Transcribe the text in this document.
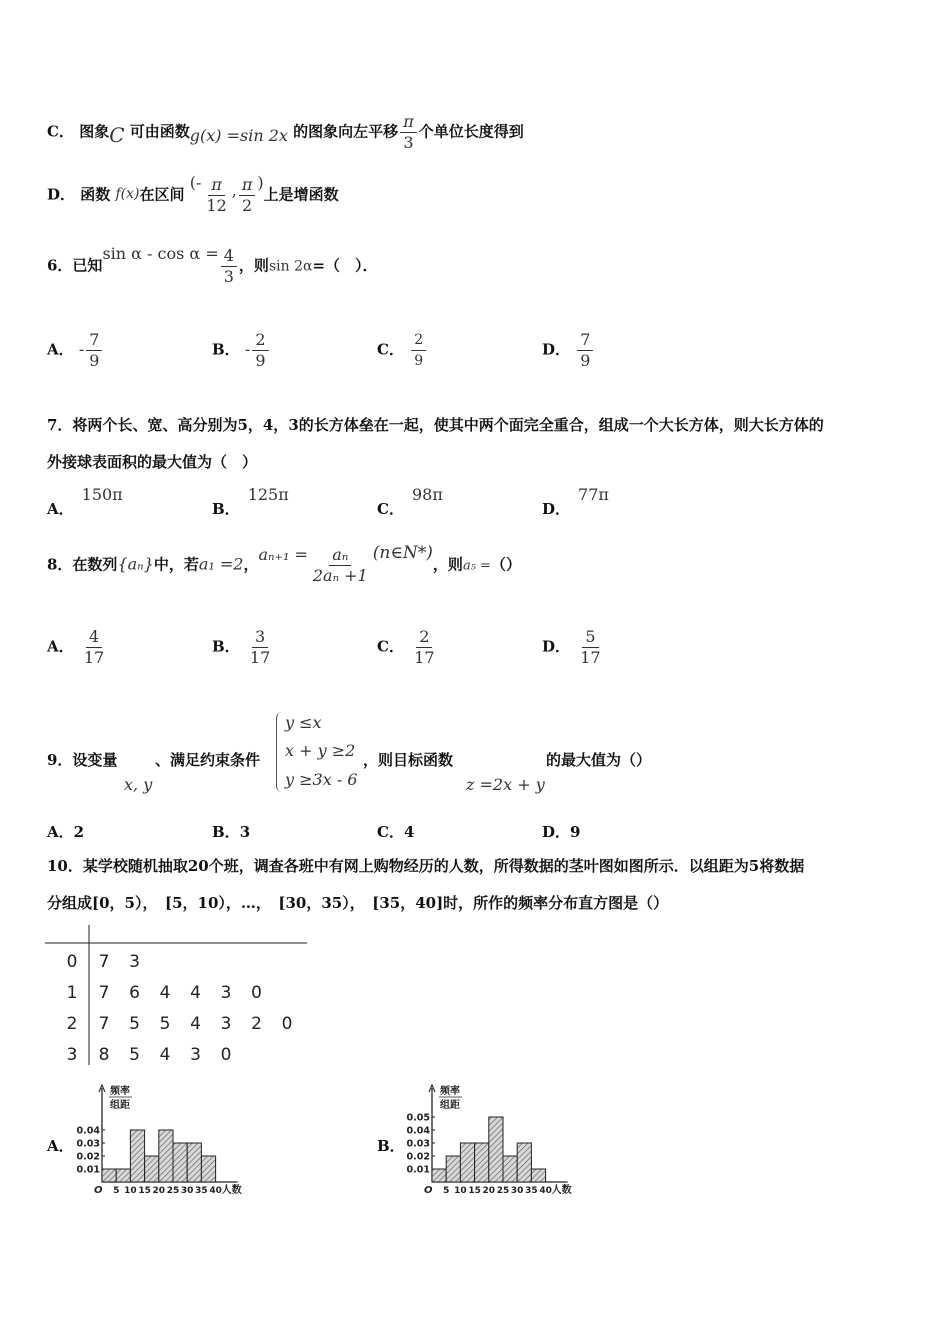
C． 图象C 可由函数g(x) =sin 2x 的图象向左平移 $\frac{\pi}{3}$ 个单位长度得到
D． 函数 f(x)在区间 (- $\frac{\pi}{12}$ , $\frac{\pi}{2}$ )上是增函数
6．已知$\sin \alpha - \cos \alpha = \frac{4}{3}$ ，则sin 2α=（　）．
A． - $\frac{7}{9}$	B． - $\frac{2}{9}$	C． $\frac{2}{9}$	D． $\frac{7}{9}$
7．将两个长、宽、高分别为5，4，3的长方体垒在一起，使其中两个面完全重合，组成一个大长方体，则大长方体的
外接球表面积的最大值为（　）
A．150π
B．125π
C．98π
D．77π
8．在数列{aₙ}中，若a₁ =2，$a_{n+1} = \frac{\text{aₙ}}{\text{2aₙ +1}}$ (n∈N*)，则a₅ =（）
A． $\frac{4}{17}$	B． $\frac{3}{17}$	C． $\frac{2}{17}$	D． $\frac{5}{17}$
9．设变量
x, y
、满足约束条件
y ≤x
x + y ≥2
y ≥3x - 6
，则目标函数
z =2x + y
的最大值为（）
A．2	B．3	C．4	D．9
10．某学校随机抽取20个班，调查各班中有网上购物经历的人数，所得数据的茎叶图如图所示．以组距为5将数据
分组成[0，5），　[5，10），…，　[30，35），　[35，40]时，所作的频率分布直方图是（）
0 7 3
1 7 6 4 4 3 0
2 7 5 5 4 3 2 0
3 8 5 4 3 0
A．
频率
组距
0.01
0.02
0.03
0.04
O 5 10 15 20 25 30 35 40 人数
B．
频率
组距
0.01
0.02
0.03
0.04
0.05
O 5 10 15 20 25 30 35 40 人数
